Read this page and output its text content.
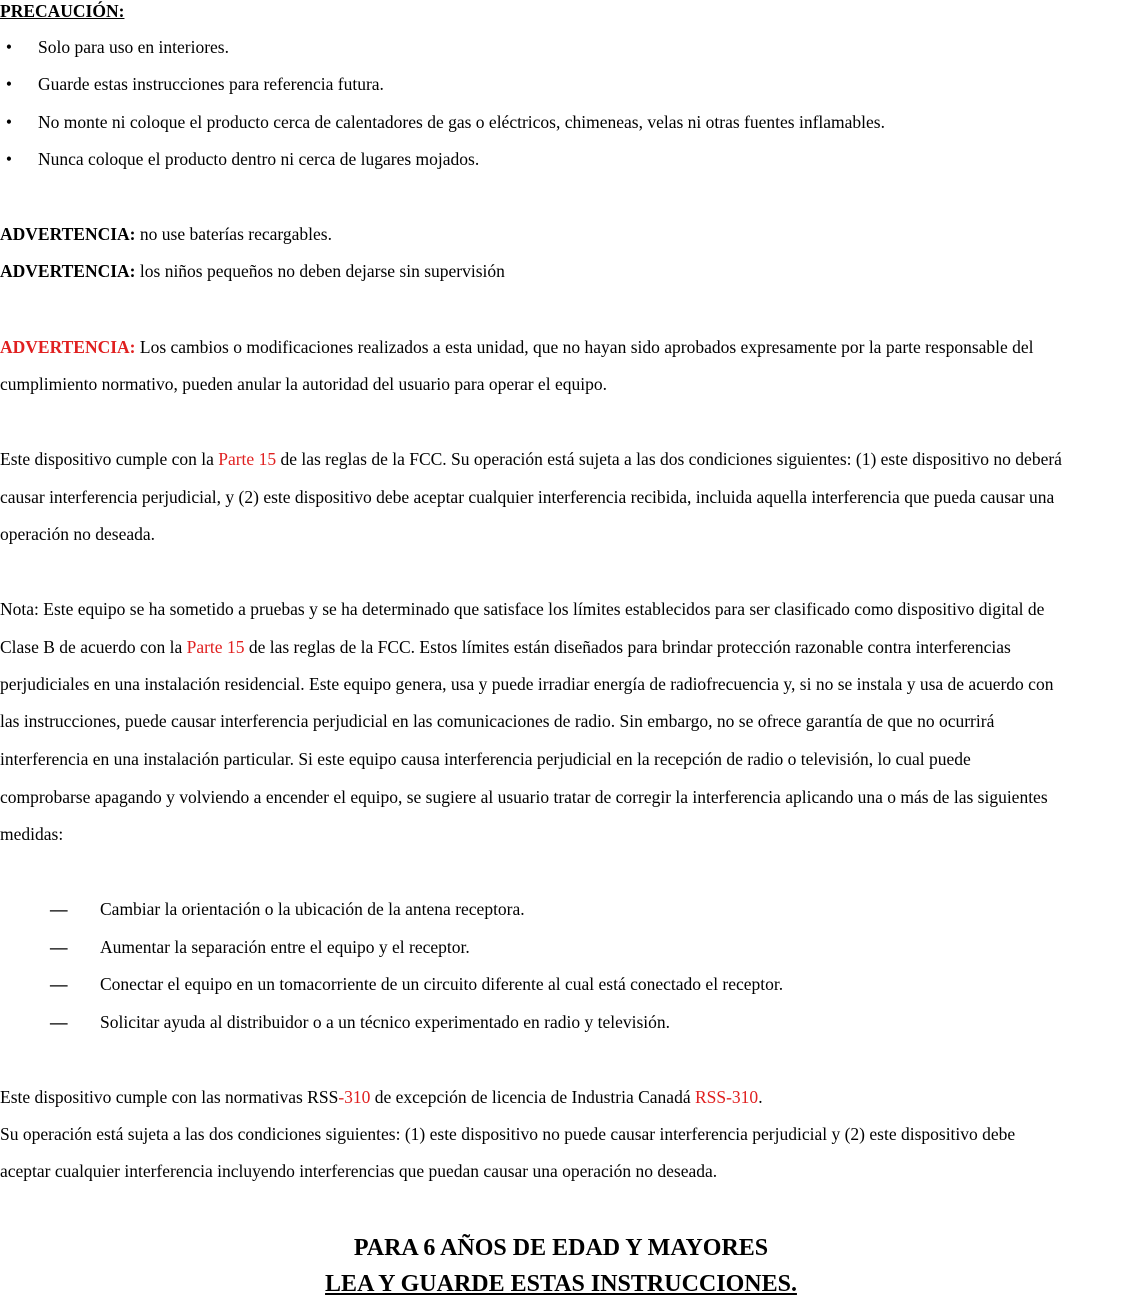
PRECAUCIÓN:
•	Solo para uso en interiores.
•	Guarde estas instrucciones para referencia futura.
•	No monte ni coloque el producto cerca de calentadores de gas o eléctricos, chimeneas, velas ni otras fuentes inflamables.
•	Nunca coloque el producto dentro ni cerca de lugares mojados.
ADVERTENCIA: no use baterías recargables.
ADVERTENCIA: los niños pequeños no deben dejarse sin supervisión
ADVERTENCIA: Los cambios o modificaciones realizados a esta unidad, que no hayan sido aprobados expresamente por la parte responsable del
cumplimiento normativo, pueden anular la autoridad del usuario para operar el equipo.
Este dispositivo cumple con la Parte 15 de las reglas de la FCC. Su operación está sujeta a las dos condiciones siguientes: (1) este dispositivo no deberá
causar interferencia perjudicial, y (2) este dispositivo debe aceptar cualquier interferencia recibida, incluida aquella interferencia que pueda causar una
operación no deseada.
Nota: Este equipo se ha sometido a pruebas y se ha determinado que satisface los límites establecidos para ser clasificado como dispositivo digital de
Clase B de acuerdo con la Parte 15 de las reglas de la FCC. Estos límites están diseñados para brindar protección razonable contra interferencias
perjudiciales en una instalación residencial. Este equipo genera, usa y puede irradiar energía de radiofrecuencia y, si no se instala y usa de acuerdo con
las instrucciones, puede causar interferencia perjudicial en las comunicaciones de radio. Sin embargo, no se ofrece garantía de que no ocurrirá
interferencia en una instalación particular. Si este equipo causa interferencia perjudicial en la recepción de radio o televisión, lo cual puede
comprobarse apagando y volviendo a encender el equipo, se sugiere al usuario tratar de corregir la interferencia aplicando una o más de las siguientes
medidas:
— Cambiar la orientación o la ubicación de la antena receptora.
— Aumentar la separación entre el equipo y el receptor.
— Conectar el equipo en un tomacorriente de un circuito diferente al cual está conectado el receptor.
— Solicitar ayuda al distribuidor o a un técnico experimentado en radio y televisión.
Este dispositivo cumple con las normativas RSS-310 de excepción de licencia de Industria Canadá RSS-310.
Su operación está sujeta a las dos condiciones siguientes: (1) este dispositivo no puede causar interferencia perjudicial y (2) este dispositivo debe
aceptar cualquier interferencia incluyendo interferencias que puedan causar una operación no deseada.
PARA 6 AÑOS DE EDAD Y MAYORES
LEA Y GUARDE ESTAS INSTRUCCIONES.
